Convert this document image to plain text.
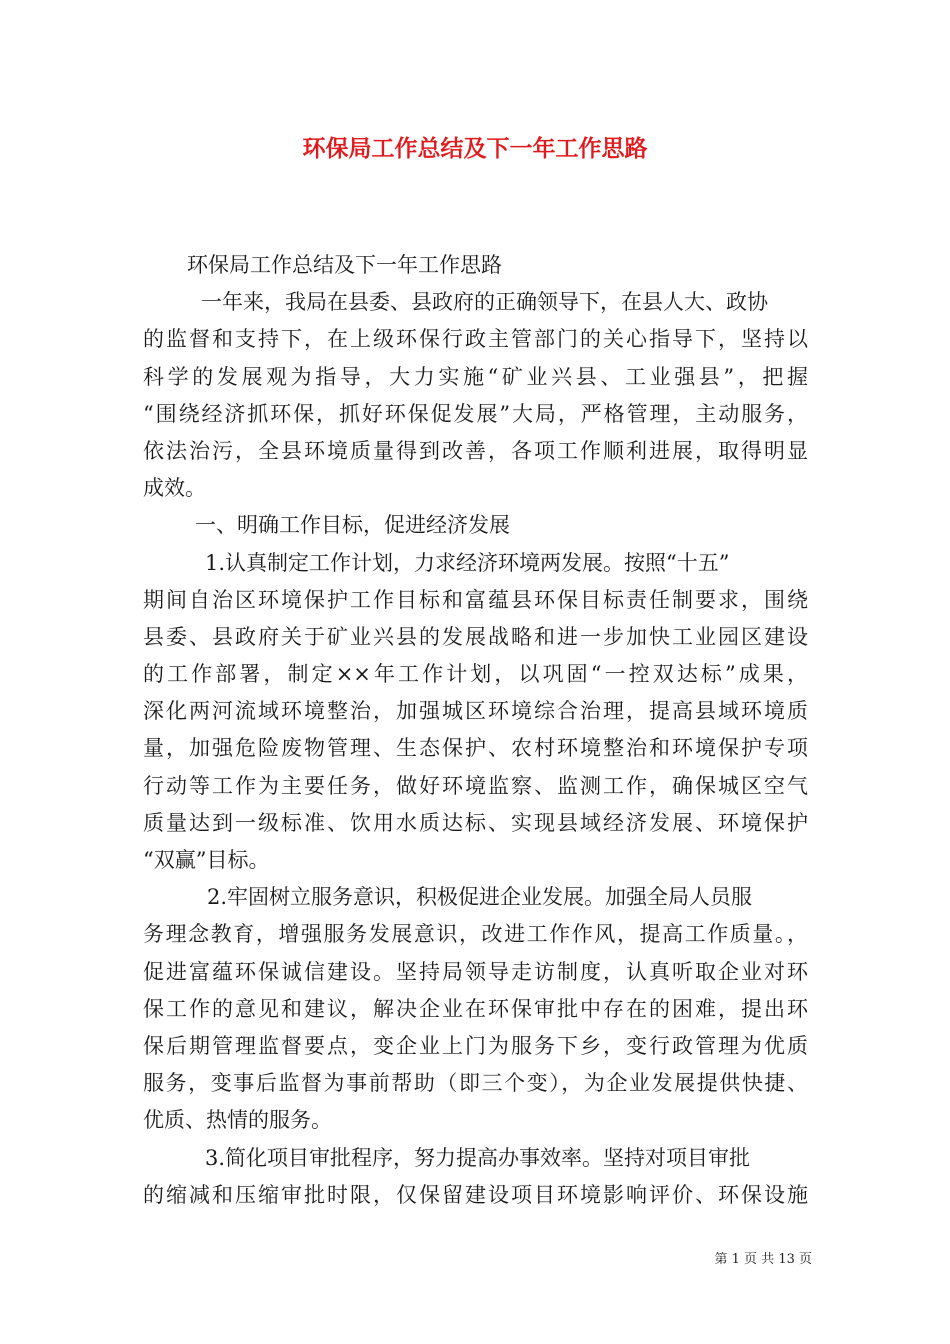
环保局工作总结及下一年工作思路
环保局工作总结及下一年工作思路
一年来，我局在县委、县政府的正确领导下，在县人大、政协
的监督和支持下，在上级环保行政主管部门的关心指导下，坚持以
科学的发展观为指导，大力实施“矿业兴县、工业强县”，把握
“围绕经济抓环保，抓好环保促发展”大局，严格管理，主动服务，
依法治污，全县环境质量得到改善，各项工作顺利进展，取得明显
成效。
一、明确工作目标，促进经济发展
1.认真制定工作计划，力求经济环境两发展。按照“十五”
期间自治区环境保护工作目标和富蕴县环保目标责任制要求，围绕
县委、县政府关于矿业兴县的发展战略和进一步加快工业园区建设
的工作部署，制定××年工作计划，以巩固“一控双达标”成果，
深化两河流域环境整治，加强城区环境综合治理，提高县域环境质
量，加强危险废物管理、生态保护、农村环境整治和环境保护专项
行动等工作为主要任务，做好环境监察、监测工作，确保城区空气
质量达到一级标准、饮用水质达标、实现县域经济发展、环境保护
“双赢”目标。
2.牢固树立服务意识，积极促进企业发展。加强全局人员服
务理念教育，增强服务发展意识，改进工作作风，提高工作质量。，
促进富蕴环保诚信建设。坚持局领导走访制度，认真听取企业对环
保工作的意见和建议，解决企业在环保审批中存在的困难，提出环
保后期管理监督要点，变企业上门为服务下乡，变行政管理为优质
服务，变事后监督为事前帮助（即三个变），为企业发展提供快捷、
优质、热情的服务。
3.简化项目审批程序，努力提高办事效率。坚持对项目审批
的缩减和压缩审批时限，仅保留建设项目环境影响评价、环保设施
第 1 页 共 13 页
